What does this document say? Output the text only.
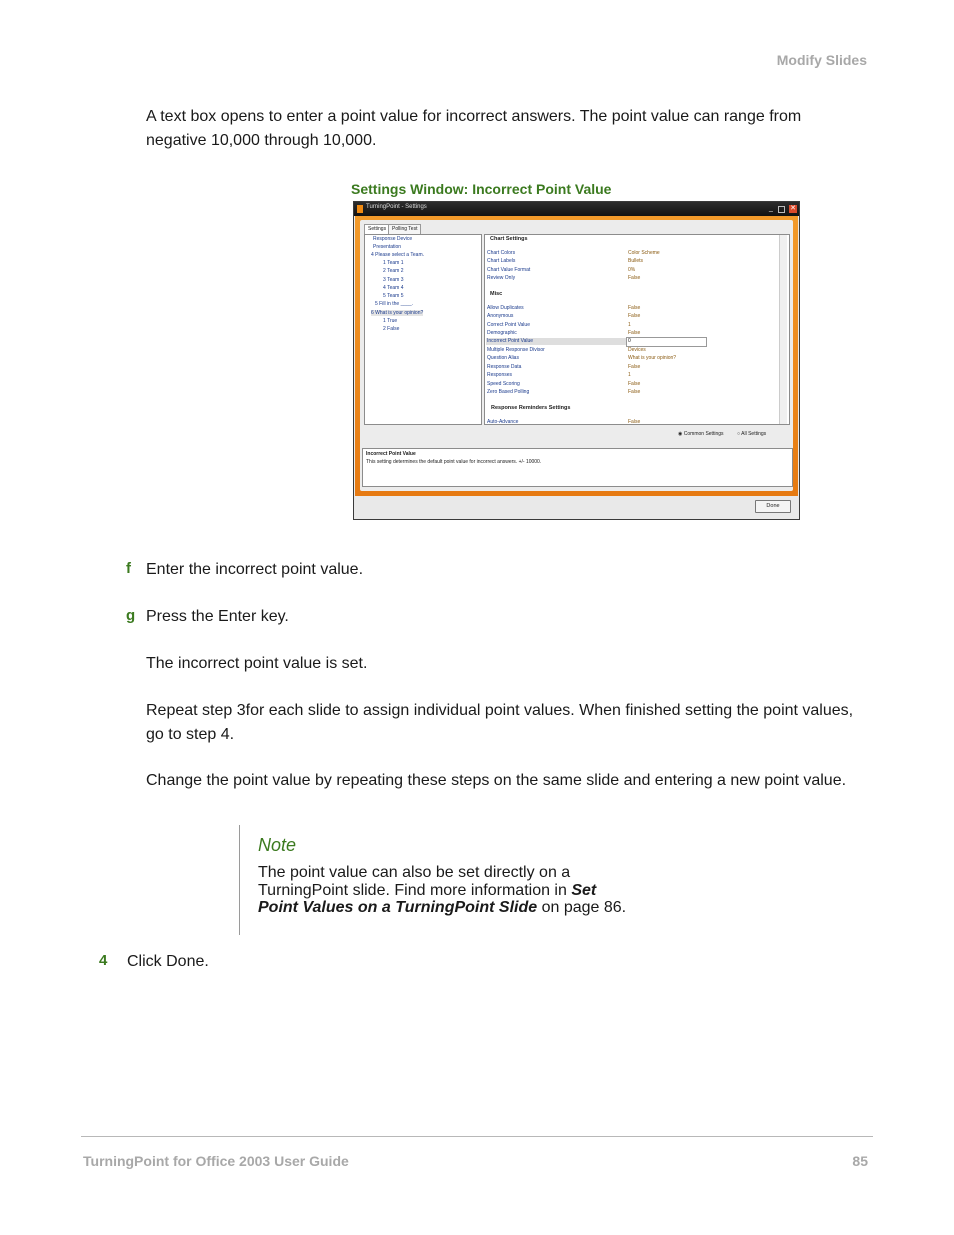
Modify Slides
A text box opens to enter a point value for incorrect answers. The point value can range from negative 10,000 through 10,000.
Settings Window: Incorrect Point Value
TurningPoint - Settings	_ ✕
Settings	Polling Test
Response Device
Presentation
4 Please select a Team.
1 Team 1
2 Team 2
3 Team 3
4 Team 4
5 Team 5
5 Fill in the ____.
6 What is your opinion?
1 True
2 False
Chart Settings
Chart Colors	Color Scheme
Chart Labels	Bullets
Chart Value Format	0%
Review Only	False
Misc
Allow Duplicates	False
Anonymous	False
Correct Point Value	1
Demographic	False
Incorrect Point Value	0
Multiple Response Divisor	Devices
Question Alias	What is your opinion?
Response Data	False
Responses	1
Speed Scoring	False
Zero Based Polling	False
Response Reminders Settings
Auto-Advance	False
◉ Common Settings	○ All Settings
Incorrect Point Value
This setting determines the default point value for incorrect answers. +/- 10000.
Done
f Enter the incorrect point value.
g Press the Enter key.
The incorrect point value is set.
Repeat step 3for each slide to assign individual point values. When finished setting the point values, go to step 4.
Change the point value by repeating these steps on the same slide and entering a new point value.
Note
The point value can also be set directly on a TurningPoint slide. Find more information in Set Point Values on a TurningPoint Slide on page 86.
4 Click Done.
TurningPoint for Office 2003 User Guide	85
